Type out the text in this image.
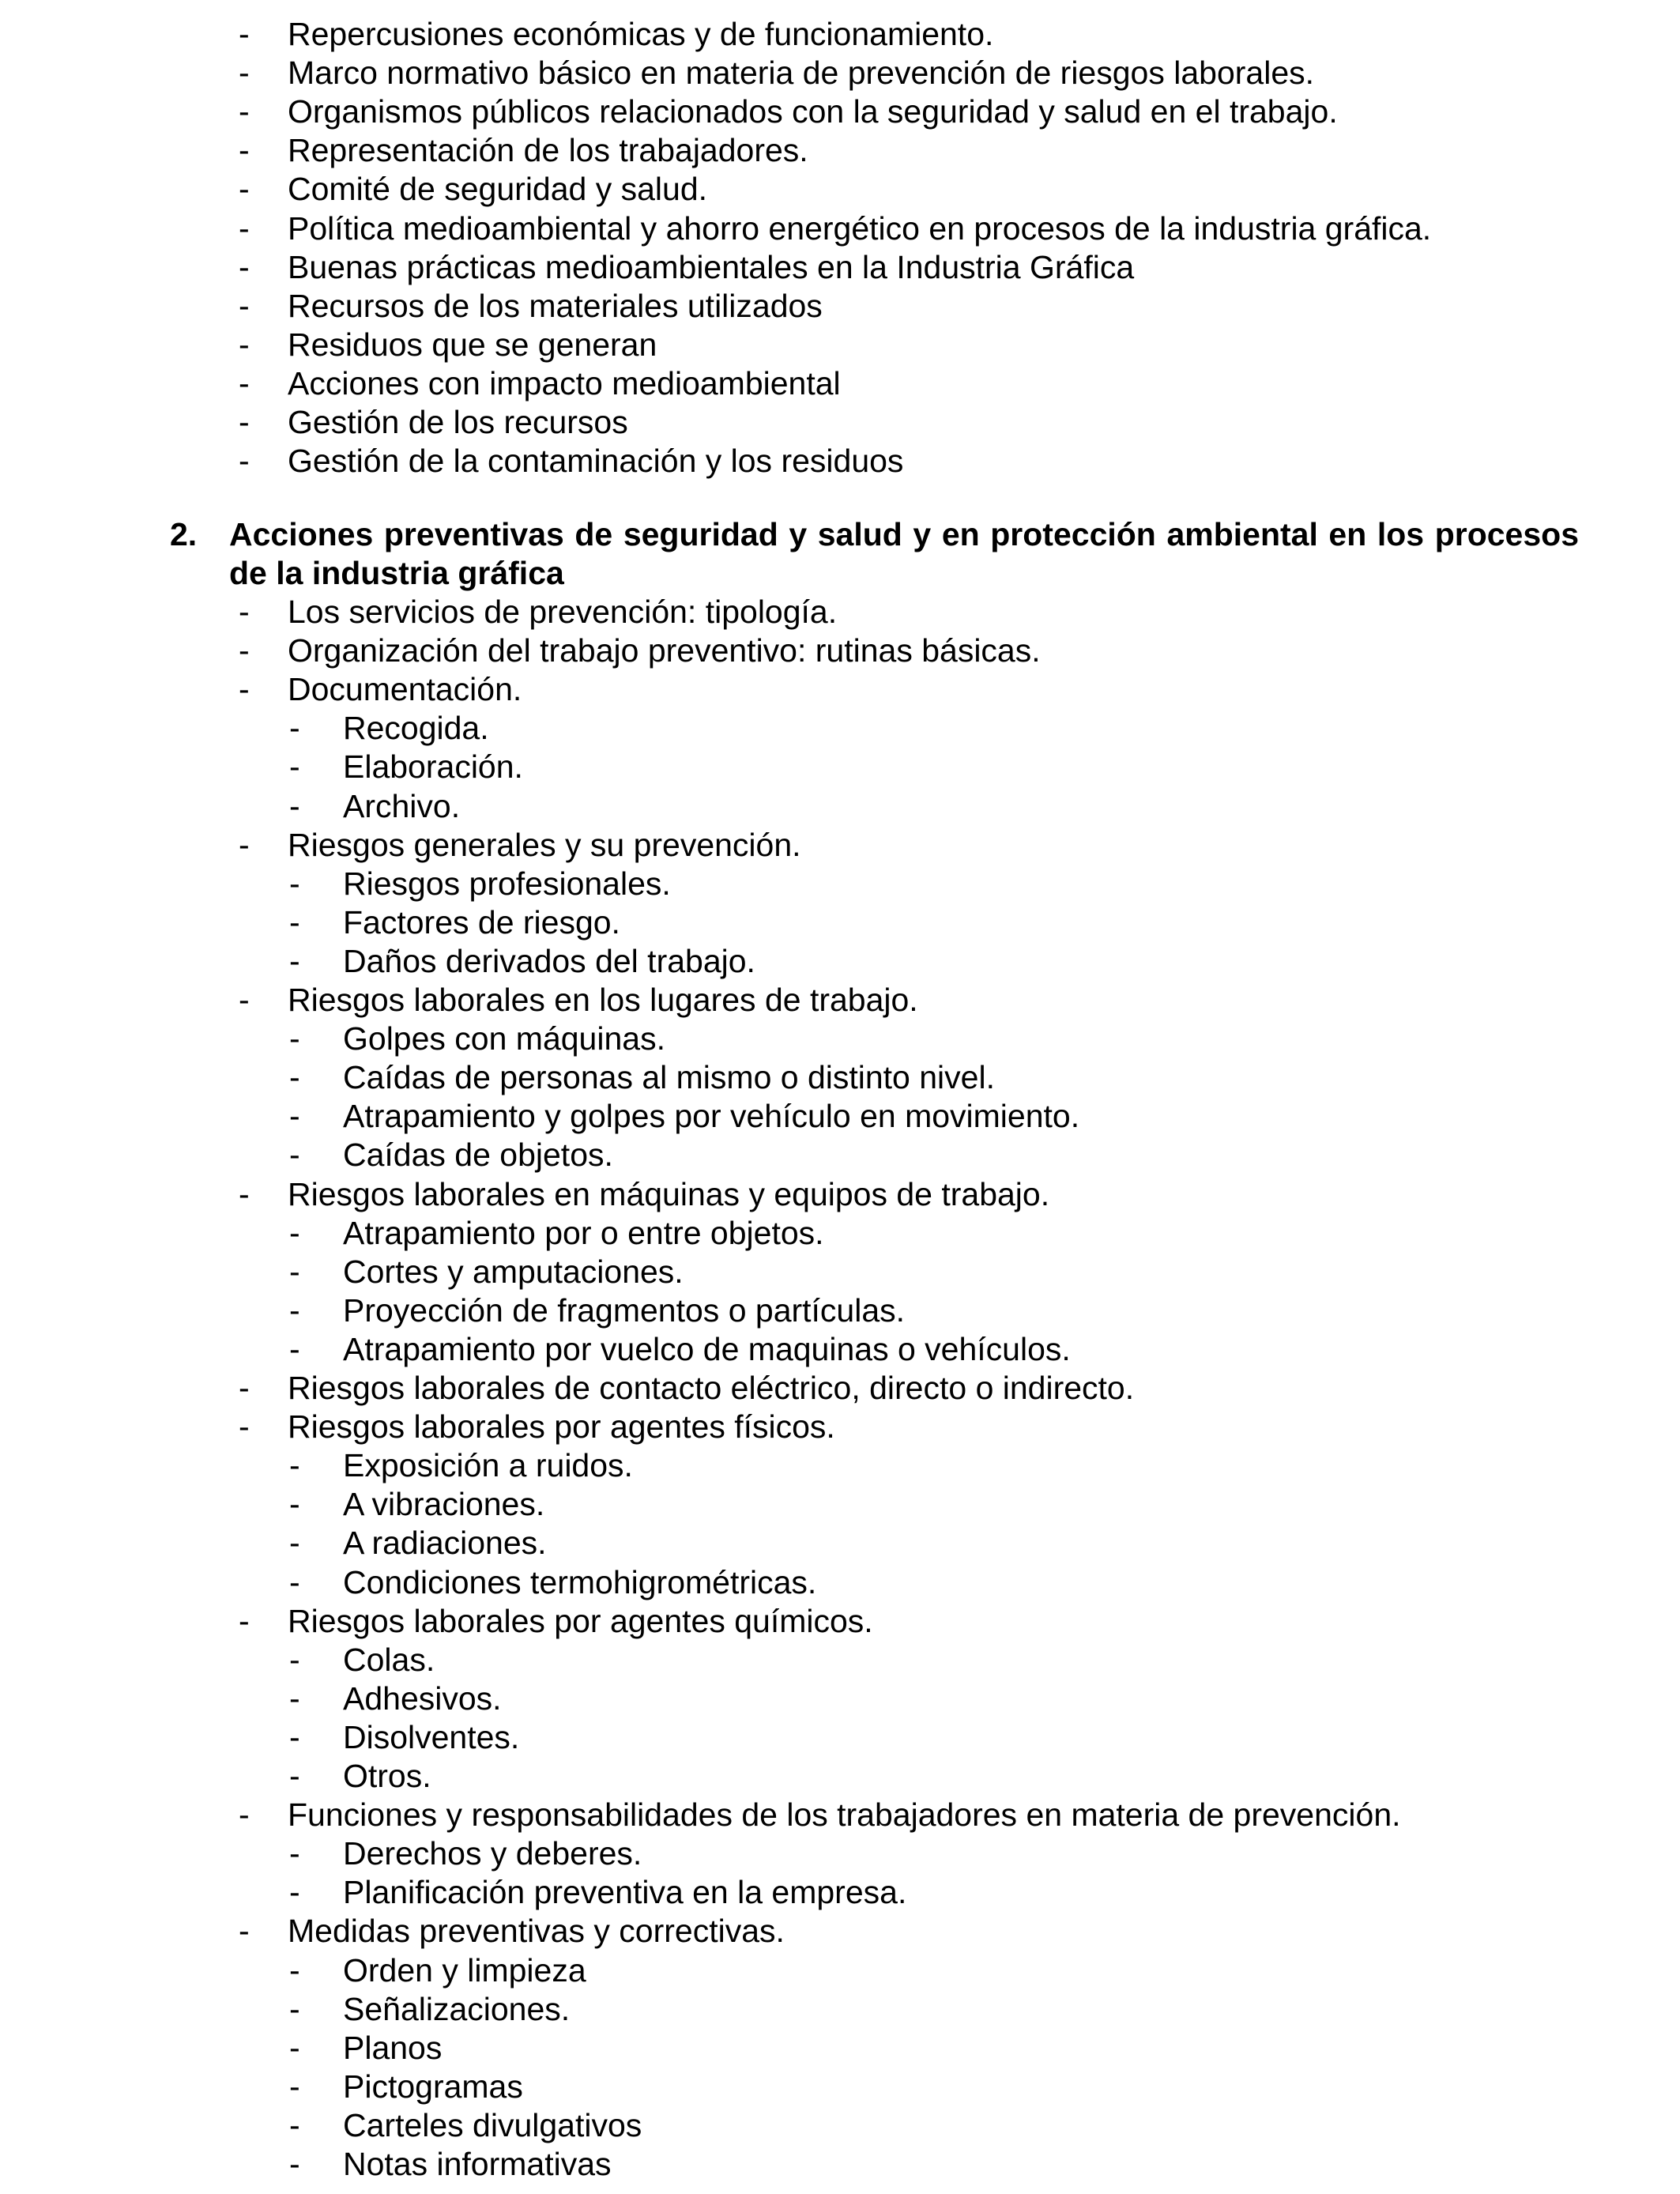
- Repercusiones económicas y de funcionamiento.
- Marco normativo básico en materia de prevención de riesgos laborales.
- Organismos públicos relacionados con la seguridad y salud en el trabajo.
- Representación de los trabajadores.
- Comité de seguridad y salud.
- Política medioambiental y ahorro energético en procesos de la industria gráfica.
- Buenas prácticas medioambientales en la Industria Gráfica
- Recursos de los materiales utilizados
- Residuos que se generan
- Acciones con impacto medioambiental
- Gestión de los recursos
- Gestión de la contaminación y los residuos
2. Acciones preventivas de seguridad y salud y en protección ambiental en los procesos de la industria gráfica
- Los servicios de prevención: tipología.
- Organización del trabajo preventivo: rutinas básicas.
- Documentación.
- Recogida.
- Elaboración.
- Archivo.
- Riesgos generales y su prevención.
- Riesgos profesionales.
- Factores de riesgo.
- Daños derivados del trabajo.
- Riesgos laborales en los lugares de trabajo.
- Golpes con máquinas.
- Caídas de personas al mismo o distinto nivel.
- Atrapamiento y golpes por vehículo en movimiento.
- Caídas de objetos.
- Riesgos laborales en máquinas y equipos de trabajo.
- Atrapamiento por o entre objetos.
- Cortes y amputaciones.
- Proyección de fragmentos o partículas.
- Atrapamiento por vuelco de maquinas o vehículos.
- Riesgos laborales de contacto eléctrico, directo o indirecto.
- Riesgos laborales por agentes físicos.
- Exposición a ruidos.
- A vibraciones.
- A radiaciones.
- Condiciones termohigrométricas.
- Riesgos laborales por agentes químicos.
- Colas.
- Adhesivos.
- Disolventes.
- Otros.
- Funciones y responsabilidades de los trabajadores en materia de prevención.
- Derechos y deberes.
- Planificación preventiva en la empresa.
- Medidas preventivas y correctivas.
- Orden y limpieza
- Señalizaciones.
- Planos
- Pictogramas
- Carteles divulgativos
- Notas informativas
